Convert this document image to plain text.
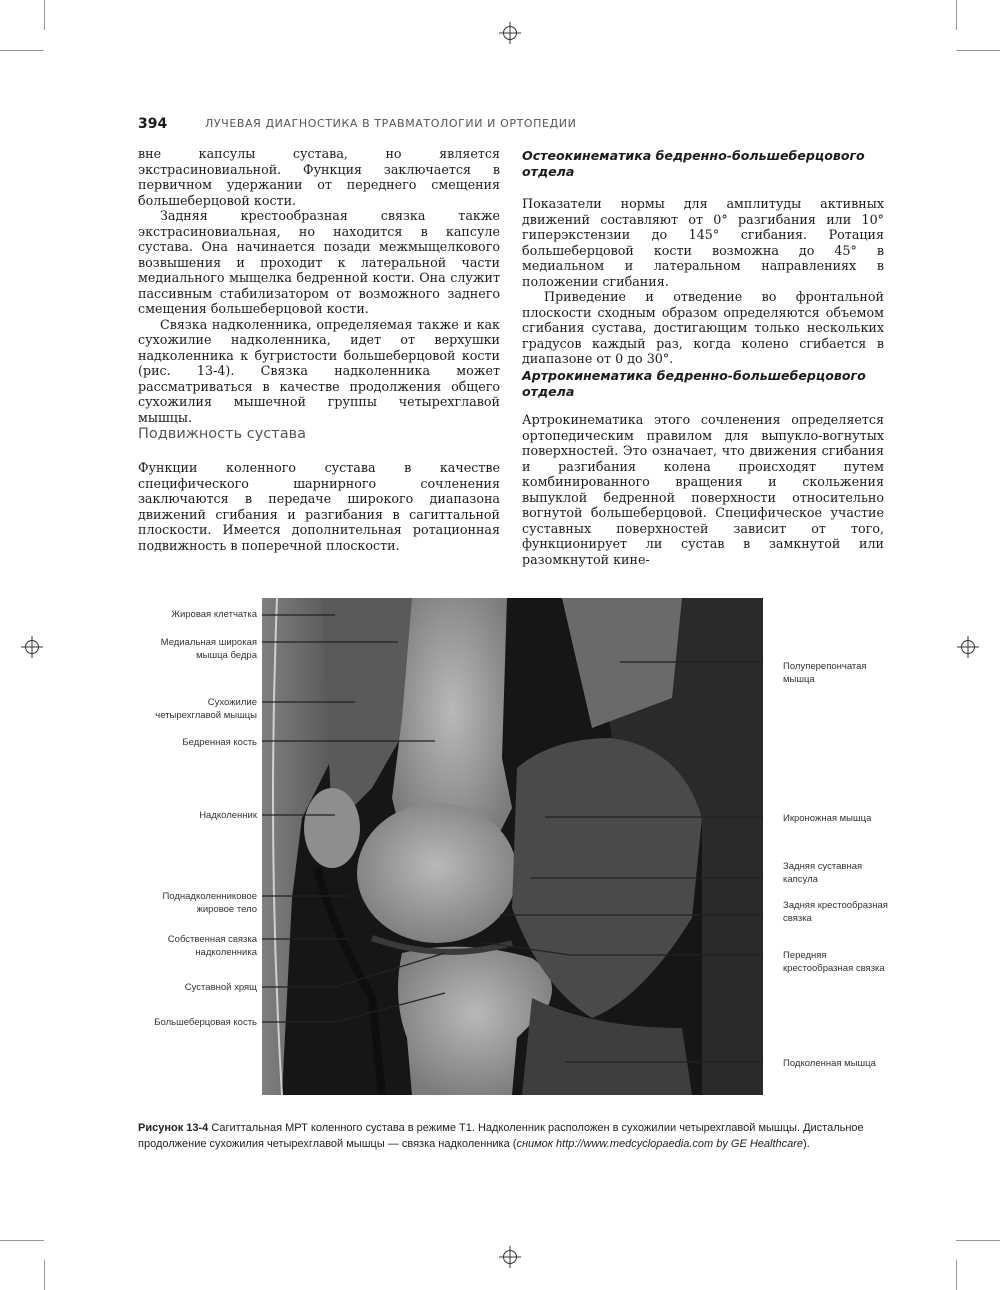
394	ЛУЧЕВАЯ ДИАГНОСТИКА В ТРАВМАТОЛОГИИ И ОРТОПЕДИИ

вне капсулы сустава, но является экстрасиновиальной. Функция заключается в первичном удержании от переднего смещения большеберцовой кости.

Задняя крестообразная связка также экстрасиновиальная, но находится в капсуле сустава. Она начинается позади межмыщелкового возвышения и проходит к латеральной части медиального мыщелка бедренной кости. Она служит пассивным стабилизатором от возможного заднего смещения большеберцовой кости.

Связка надколенника, определяемая также и как сухожилие надколенника, идет от верхушки надколенника к бугристости большеберцовой кости (рис. 13-4). Связка надколенника может рассматриваться в качестве продолжения общего сухожилия мышечной группы четырехглавой мышцы.

Подвижность сустава

Функции коленного сустава в качестве специфического шарнирного сочленения заключаются в передаче широкого диапазона движений сгибания и разгибания в сагиттальной плоскости. Имеется дополнительная ротационная подвижность в поперечной плоскости.

Остеокинематика бедренно-большеберцового отдела

Показатели нормы для амплитуды активных движений составляют от 0° разгибания или 10° гиперэкстензии до 145° сгибания. Ротация большеберцовой кости возможна до 45° в медиальном и латеральном направлениях в положении сгибания.

Приведение и отведение во фронтальной плоскости сходным образом определяются объемом сгибания сустава, достигающим только нескольких градусов каждый раз, когда колено сгибается в диапазоне от 0 до 30°.

Артрокинематика бедренно-большеберцового отдела

Артрокинематика этого сочленения определяется ортопедическим правилом для выпукло-вогнутых поверхностей. Это означает, что движения сгибания и разгибания колена происходят путем комбинированного вращения и скольжения выпуклой бедренной поверхности относительно вогнутой большеберцовой. Специфическое участие суставных поверхностей зависит от того, функционирует ли сустав в замкнутой или разомкнутой кине-

Жировая клетчатка
Медиальная широкая мышца бедра
Сухожилие четырехглавой мышцы
Бедренная кость
Надколенник
Поднадколенниковое жировое тело
Собственная связка надколенника
Суставной хрящ
Большеберцовая кость
Полуперепончатая мышца
Икроножная мышца
Задняя суставная капсула
Задняя крестообразная связка
Передняя крестообразная связка
Подколенная мышца
Рисунок 13-4 Сагиттальная МРТ коленного сустава в режиме Т1. Надколенник расположен в сухожилии четырехглавой мышцы. Дистальное продолжение сухожилия четырехглавой мышцы — связка надколенника (снимок http://www.medcyclopaedia.com by GE Healthcare).
